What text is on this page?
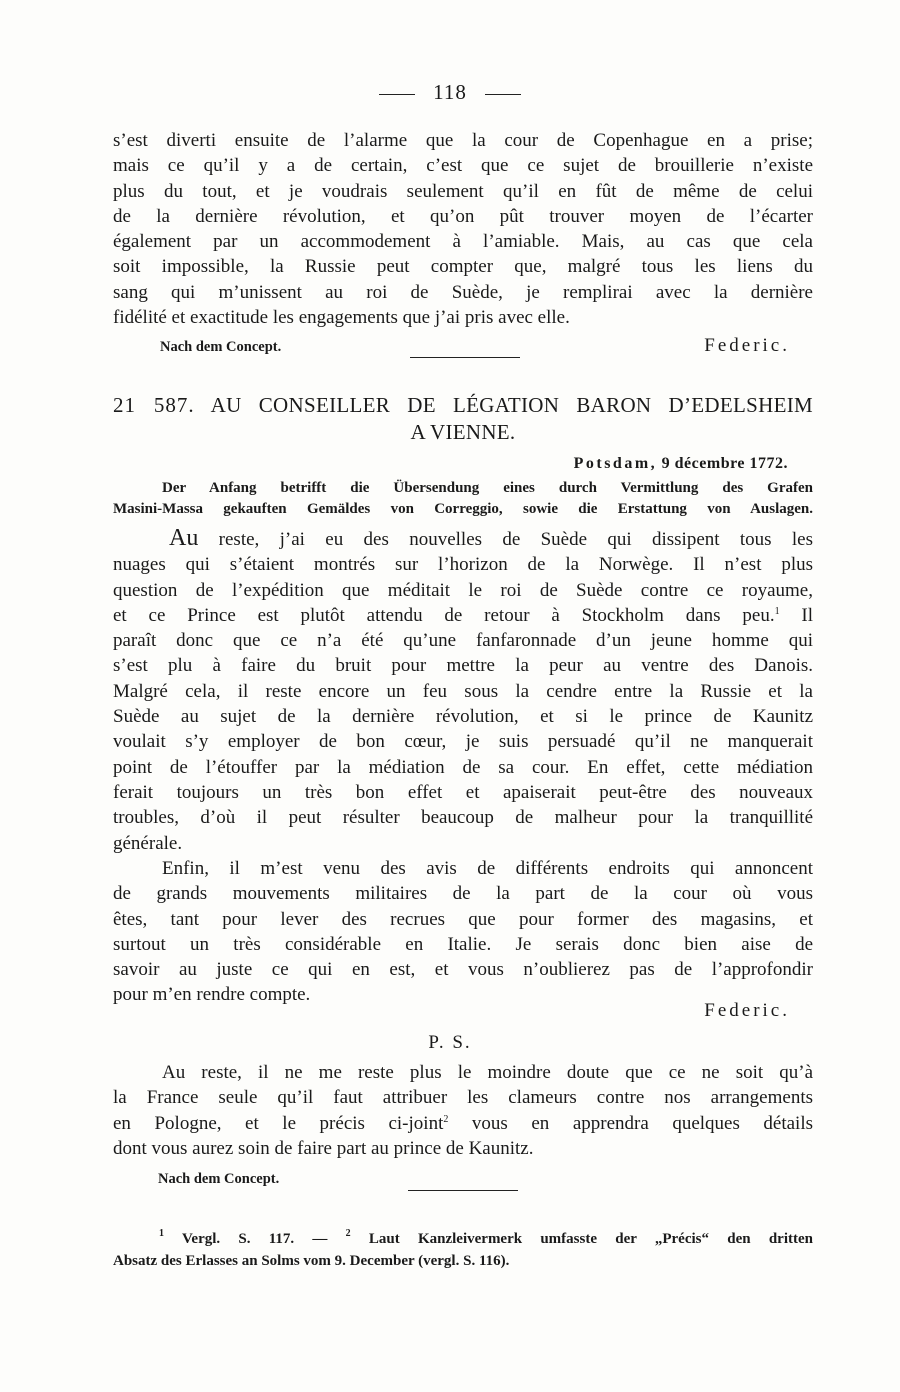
118

s’est diverti ensuite de l’alarme que la cour de Copenhague en a prise;

mais ce qu’il y a de certain, c’est que ce sujet de brouillerie n’existe

plus du tout, et je voudrais seulement qu’il en fût de même de celui

de la dernière révolution, et qu’on pût trouver moyen de l’écarter

également par un accommodement à l’amiable. Mais, au cas que cela

soit impossible, la Russie peut compter que, malgré tous les liens du

sang qui m’unissent au roi de Suède, je remplirai avec la dernière

fidélité et exactitude les engagements que j’ai pris avec elle.

Nach dem Concept.	Federic.
21 587. AU CONSEILLER DE LÉGATION BARON D’EDELSHEIM
A VIENNE.
Potsdam, 9 décembre 1772.

Der Anfang betrifft die Übersendung eines durch Vermittlung des Grafen

Masini-Massa gekauften Gemäldes von Correggio, sowie die Erstattung von Auslagen.

Au reste, j’ai eu des nouvelles de Suède qui dissipent tous les

nuages qui s’étaient montrés sur l’horizon de la Norwège. Il n’est plus

question de l’expédition que méditait le roi de Suède contre ce royaume,

et ce Prince est plutôt attendu de retour à Stockholm dans peu.$^1$ Il

paraît donc que ce n’a été qu’une fanfaronnade d’un jeune homme qui

s’est plu à faire du bruit pour mettre la peur au ventre des Danois.

Malgré cela, il reste encore un feu sous la cendre entre la Russie et la

Suède au sujet de la dernière révolution, et si le prince de Kaunitz

voulait s’y employer de bon cœur, je suis persuadé qu’il ne manquerait

point de l’étouffer par la médiation de sa cour. En effet, cette médiation

ferait toujours un très bon effet et apaiserait peut-être des nouveaux

troubles, d’où il peut résulter beaucoup de malheur pour la tranquillité

générale.

Enfin, il m’est venu des avis de différents endroits qui annoncent

de grands mouvements militaires de la part de la cour où vous

êtes, tant pour lever des recrues que pour former des magasins, et

surtout un très considérable en Italie. Je serais donc bien aise de

savoir au juste ce qui en est, et vous n’oublierez pas de l’approfondir

pour m’en rendre compte.

Federic.
P. S.

Au reste, il ne me reste plus le moindre doute que ce ne soit qu’à

la France seule qu’il faut attribuer les clameurs contre nos arrangements

en Pologne, et le précis ci-joint$^2$ vous en apprendra quelques détails

dont vous aurez soin de faire part au prince de Kaunitz.

Nach dem Concept.

$^1$ Vergl. S. 117. — $^2$ Laut Kanzleivermerk umfasste der „Précis“ den dritten

Absatz des Erlasses an Solms vom 9. December (vergl. S. 116).
